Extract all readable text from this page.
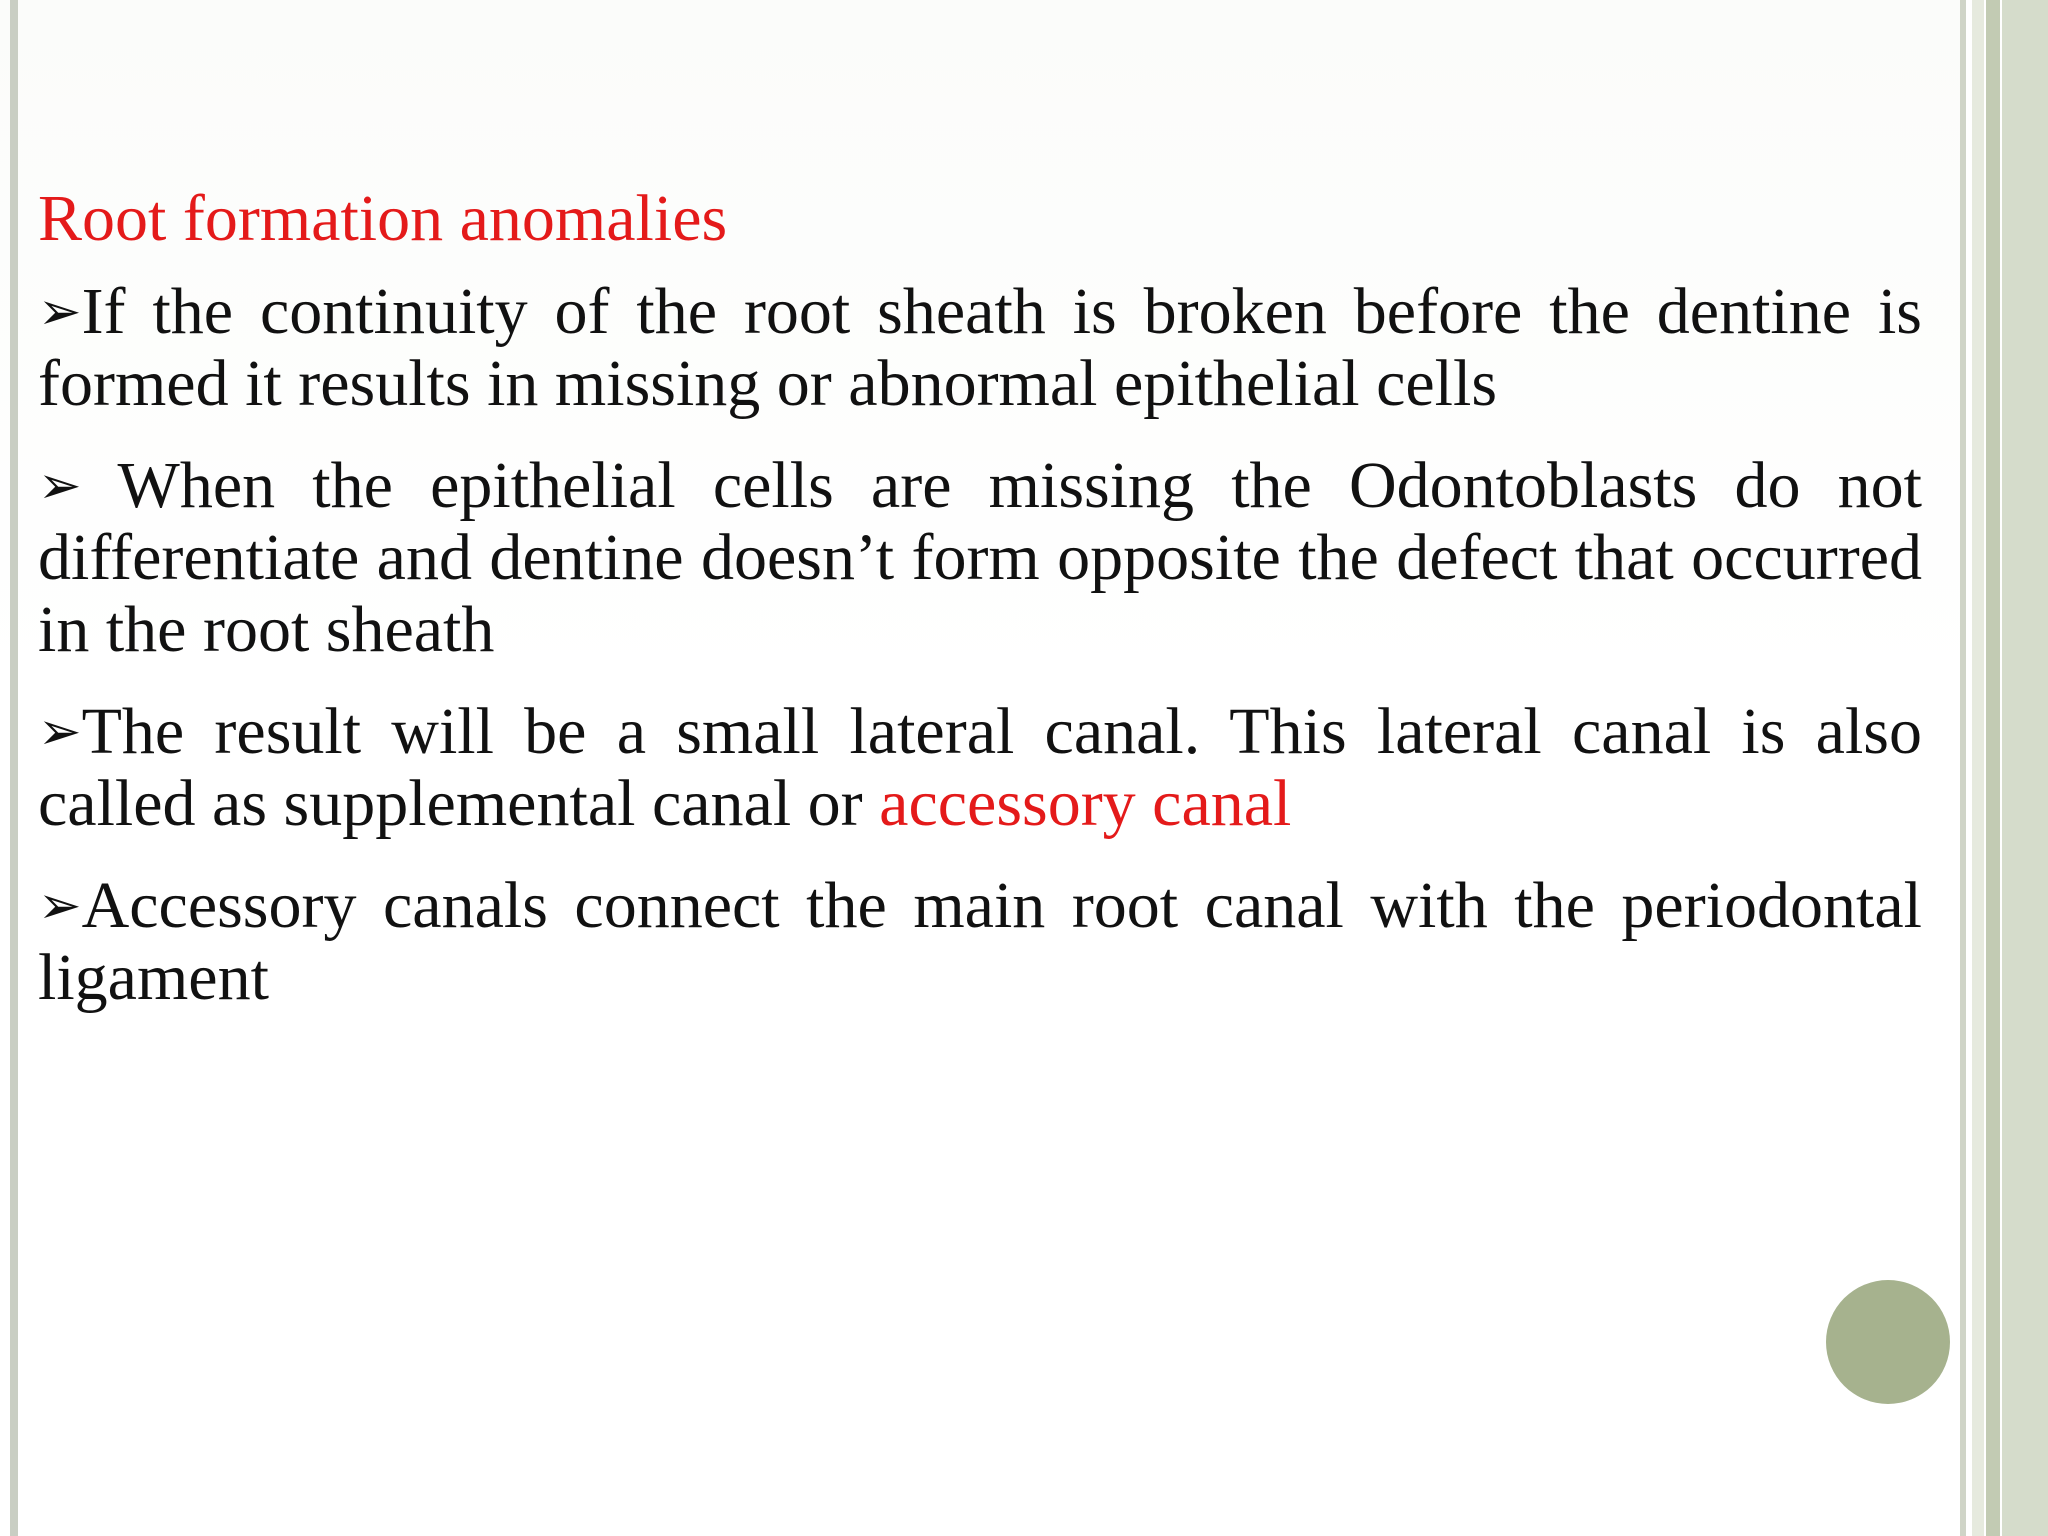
Root formation anomalies

➢If the continuity of the root sheath is broken before the dentine is formed it results in missing or abnormal epithelial cells

➢ When the epithelial cells are missing the Odontoblasts do not differentiate and dentine doesn’t form opposite the defect that occurred in the root sheath

➢The result will be a small lateral canal. This lateral canal is also called as supplemental canal or accessory canal

➢Accessory canals connect the main root canal with the periodontal ligament
